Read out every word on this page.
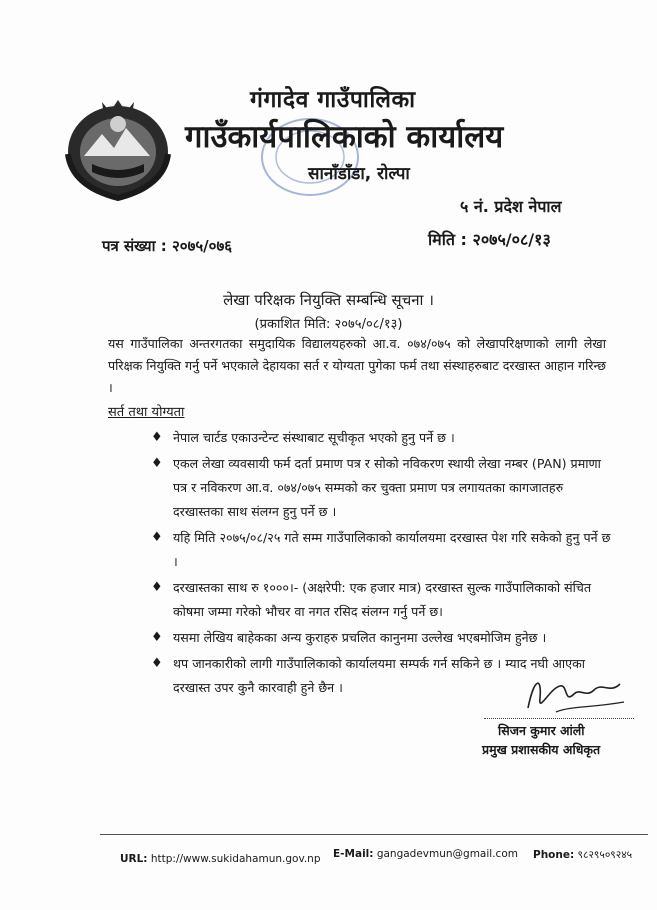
गंगादेव गाउँपालिका
गाउँकार्यपालिकाको कार्यालय
सानाँडाँडा, रोल्पा
५ नं. प्रदेश नेपाल
पत्र संख्या : २०७५/०७६	मिति : २०७५/०८/१३
लेखा परिक्षक नियुक्ति सम्बन्धि सूचना ।
(प्रकाशित मिति: २०७५/०८/१३)
यस गाउँपालिका अन्तरगतका समुदायिक विद्यालयहरुको आ.व. ०७४/०७५ को लेखापरिक्षणाको लागी लेखा परिक्षक नियुक्ति गर्नु पर्ने भएकाले देहायका सर्त र योग्यता पुगेका फर्म तथा संस्थाहरुबाट दरखास्त आहान गरिन्छ ।
सर्त तथा योग्यता
♦ नेपाल चार्टड एकाउन्टेन्ट संस्थाबाट सूचीकृत भएको हुनु पर्ने छ ।
♦ एकल लेखा व्यवसायी फर्म दर्ता प्रमाण पत्र र सोको नविकरण स्थायी लेखा नम्बर (PAN) प्रमाणा पत्र र नविकरण आ.व. ०७४/०७५ सम्मको कर चुक्ता प्रमाण पत्र लगायतका कागजातहरु दरखास्तका साथ संलग्न हुनु पर्ने छ ।
♦ यहि मिति २०७५/०८/२५ गते सम्म गाउँपालिकाको कार्यालयमा दरखास्त पेश गरि सकेको हुनु पर्ने छ ।
♦ दरखास्तका साथ रु १०००।- (अक्षरेपी: एक हजार मात्र) दरखास्त सुल्क गाउँपालिकाको संचित कोषमा जम्मा गरेको भौचर वा नगत रसिद संलग्न गर्नु पर्ने छ।
♦ यसमा लेखिय बाहेकका अन्य कुराहरु प्रचलित कानुनमा उल्लेख भएबमोजिम हुनेछ ।
♦ थप जानकारीको लागी गाउँपालिकाको कार्यालयमा सम्पर्क गर्न सकिने छ । म्याद नघी आएका दरखास्त उपर कुनै कारवाही हुने छैन ।
सिजन कुमार आंली
प्रमुख प्रशासकीय अधिकृत
URL: http://www.sukidahamun.gov.np E-Mail: gangadevmun@gmail.com Phone: ९८२९५०९२४५
